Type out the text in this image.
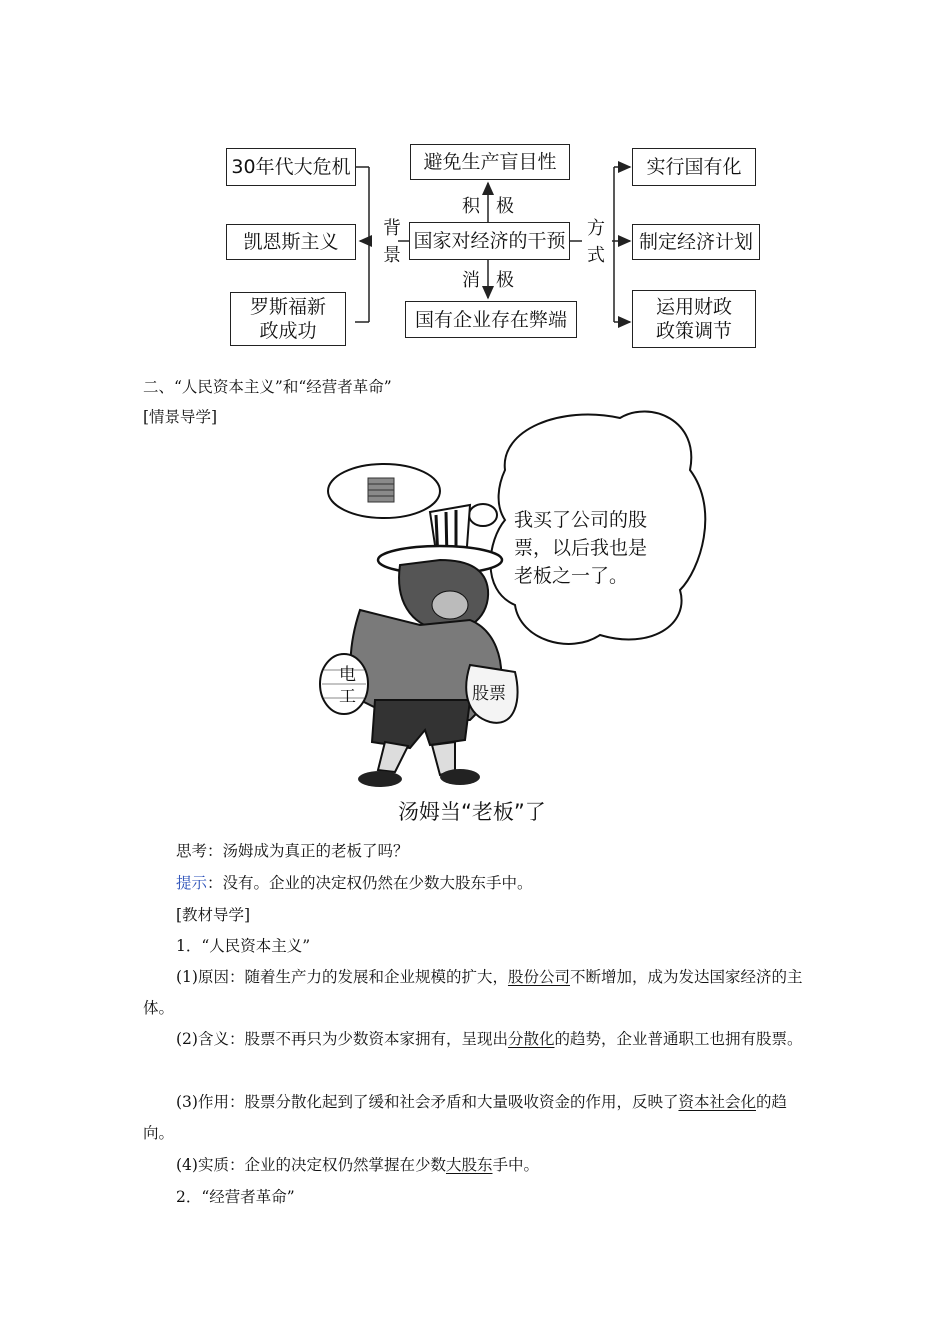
30年代大危机
凯恩斯主义
罗斯福新政成功
背
景
避免生产盲目性
积 极
国家对经济的干预
消 极
国有企业存在弊端
方
式
实行国有化
制定经济计划
运用财政政策调节
二、“人民资本主义”和“经营者革命”
[情景导学]
我买了公司的股票，以后我也是老板之一了。
电工	股票
汤姆当“老板”了
思考：汤姆成为真正的老板了吗？
提示：没有。企业的决定权仍然在少数大股东手中。
[教材导学]
1．“人民资本主义”
(1)原因：随着生产力的发展和企业规模的扩大，股份公司不断增加，成为发达国家经济的主体。
(2)含义：股票不再只为少数资本家拥有，呈现出分散化的趋势，企业普通职工也拥有股票。
(3)作用：股票分散化起到了缓和社会矛盾和大量吸收资金的作用，反映了资本社会化的趋向。
(4)实质：企业的决定权仍然掌握在少数大股东手中。
2．“经营者革命”
